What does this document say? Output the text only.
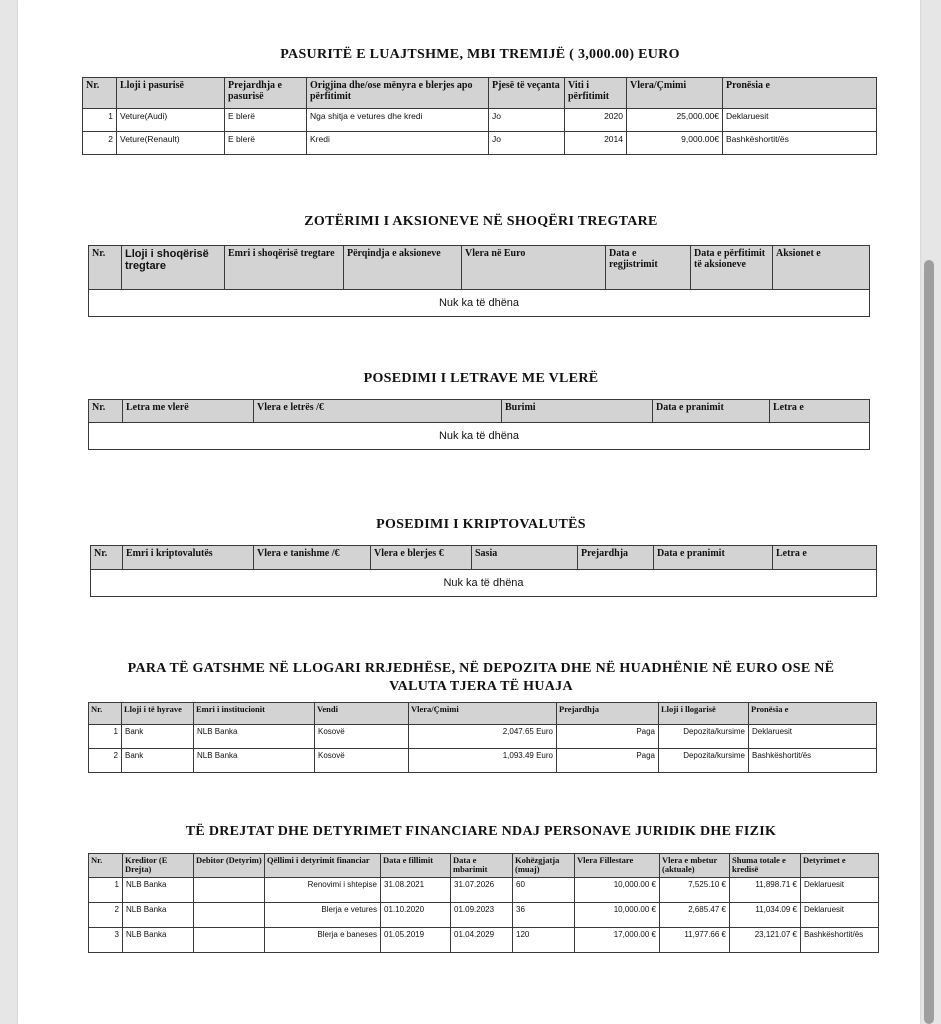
PASURITË E LUAJTSHME, MBI TREMIJË ( 3,000.00) EURO
Nr.	Lloji i pasurisë	Prejardhja e pasurisë	Origjina dhe/ose mënyra e blerjes apo përfitimit	Pjesë të veçanta	Viti i përfitimit	Vlera/Çmimi	Pronësia e
1	Veture(Audi)	E blerë	Nga shitja e vetures dhe kredi	Jo	2020	25,000.00€	Deklaruesit
2	Veture(Renault)	E blerë	Kredi	Jo	2014	9,000.00€	Bashkëshortit/ës
ZOTËRIMI I AKSIONEVE NË SHOQËRI TREGTARE
Nr.	Lloji i shoqërisë tregtare	Emri i shoqërisë tregtare	Përqindja e aksioneve	Vlera në Euro	Data e regjistrimit	Data e përfitimit të aksioneve	Aksionet e
Nuk ka të dhëna
POSEDIMI I LETRAVE ME VLERË
Nr.	Letra me vlerë	Vlera e letrës /€	Burimi	Data e pranimit	Letra e
Nuk ka të dhëna
POSEDIMI I KRIPTOVALUTËS
Nr.	Emri i kriptovalutës	Vlera e tanishme /€	Vlera e blerjes €	Sasia	Prejardhja	Data e pranimit	Letra e
Nuk ka të dhëna
PARA TË GATSHME NË LLOGARI RRJEDHËSE, NË DEPOZITA DHE NË HUADHËNIE NË EURO OSE NË
VALUTA TJERA TË HUAJA
Nr.	Lloji i të hyrave	Emri i institucionit	Vendi	Vlera/Çmimi	Prejardhja	Lloji i llogarisë	Pronësia e
1	Bank	NLB Banka	Kosovë	2,047.65 Euro	Paga	Depozita/kursime	Deklaruesit
2	Bank	NLB Banka	Kosovë	1,093.49 Euro	Paga	Depozita/kursime	Bashkëshortit/ës
TË DREJTAT DHE DETYRIMET FINANCIARE NDAJ PERSONAVE JURIDIK DHE FIZIK
Nr.	Kreditor (E Drejta)	Debitor (Detyrim)	Qëllimi i detyrimit financiar	Data e fillimit	Data e mbarimit	Kohëzgjatja (muaj)	Vlera Fillestare	Vlera e mbetur (aktuale)	Shuma totale e kredisë	Detyrimet e
1	NLB Banka		Renovimi i shtepise	31.08.2021	31.07.2026	60	10,000.00 €	7,525.10 €	11,898.71 €	Deklaruesit
2	NLB Banka		Blerja e vetures	01.10.2020	01.09.2023	36	10,000.00 €	2,685.47 €	11,034.09 €	Deklaruesit
3	NLB Banka		Blerja e baneses	01.05.2019	01.04.2029	120	17,000.00 €	11,977.66 €	23,121.07 €	Bashkëshortit/ës
